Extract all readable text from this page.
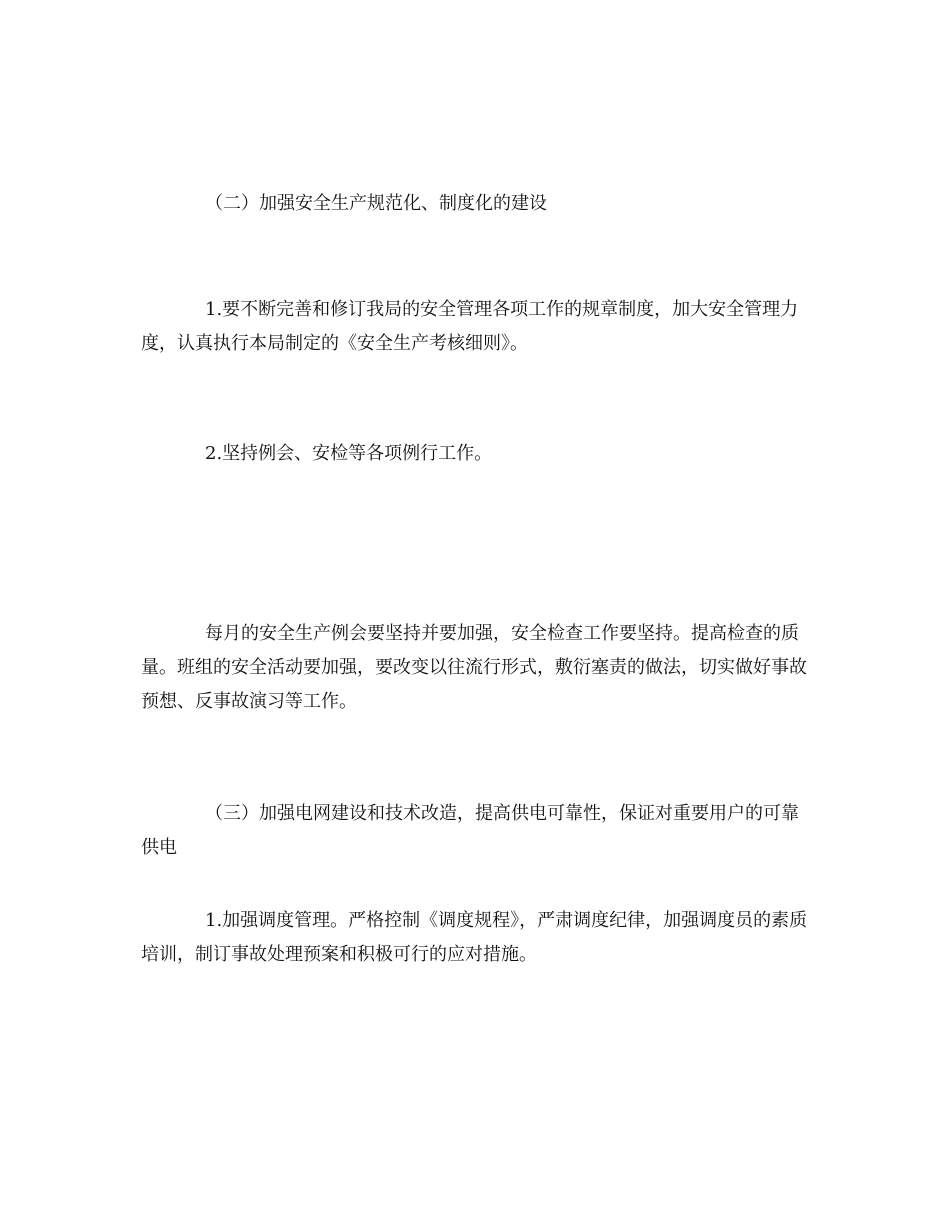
（二）加强安全生产规范化、制度化的建设

1.要不断完善和修订我局的安全管理各项工作的规章制度，加大安全管理力度，认真执行本局制定的《安全生产考核细则》。

2.坚持例会、安检等各项例行工作。

每月的安全生产例会要坚持并要加强，安全检查工作要坚持。提高检查的质量。班组的安全活动要加强，要改变以往流行形式，敷衍塞责的做法，切实做好事故预想、反事故演习等工作。

（三）加强电网建设和技术改造，提高供电可靠性，保证对重要用户的可靠供电

1.加强调度管理。严格控制《调度规程》，严肃调度纪律，加强调度员的素质培训，制订事故处理预案和积极可行的应对措施。
